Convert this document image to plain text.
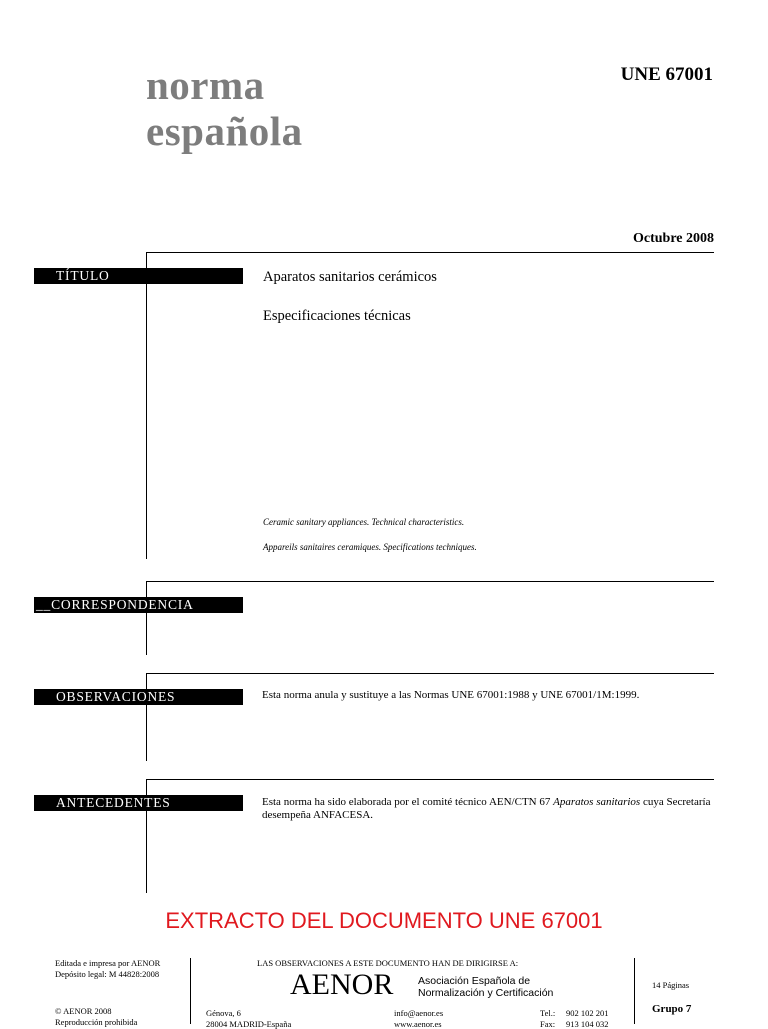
norma
española
UNE 67001
Octubre 2008
TÍTULO	Aparatos sanitarios cerámicos
Especificaciones técnicas
Ceramic sanitary appliances. Technical characteristics.
Appareils sanitaires ceramiques. Specifications techniques.
__CORRESPONDENCIA
OBSERVACIONES	Esta norma anula y sustituye a las Normas UNE 67001:1988 y UNE 67001/1M:1999.
ANTECEDENTES	Esta norma ha sido elaborada por el comité técnico AEN/CTN 67 Aparatos sanitarios cuya Secretaría desempeña ANFACESA.
EXTRACTO DEL DOCUMENTO UNE 67001
Editada e impresa por AENOR
Depósito legal: M 44828:2008
© AENOR 2008
Reproducción prohibida
LAS OBSERVACIONES A ESTE DOCUMENTO HAN DE DIRIGIRSE A:
AENOR Asociación Española de
Normalización y Certificación
Génova, 6
28004 MADRID-España
info@aenor.es
www.aenor.es
Tel.: 902 102 201
Fax: 913 104 032
14 Páginas
Grupo 7
